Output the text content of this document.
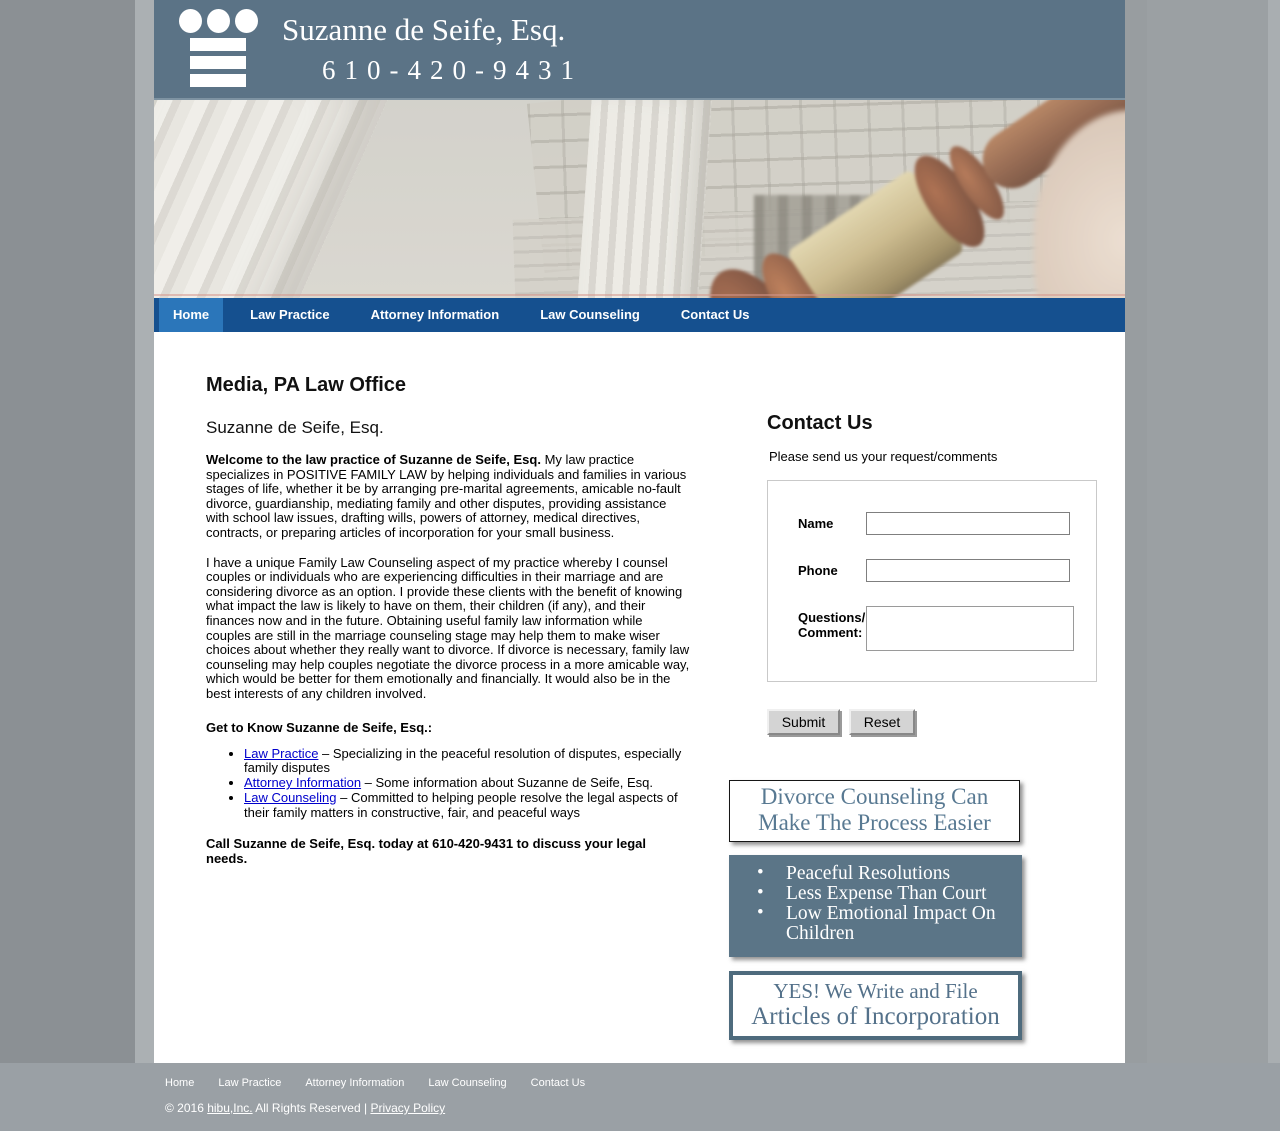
Suzanne de Seife, Esq.
610-420-9431
Home	Law Practice	Attorney Information	Law Counseling	Contact Us
Media, PA Law Office
Suzanne de Seife, Esq.

Welcome to the law practice of Suzanne de Seife, Esq. My law practice specializes in POSITIVE FAMILY LAW by helping individuals and families in various stages of life, whether it be by arranging pre-marital agreements, amicable no-fault divorce, guardianship, mediating family and other disputes, providing assistance with school law issues, drafting wills, powers of attorney, medical directives, contracts, or preparing articles of incorporation for your small business.

I have a unique Family Law Counseling aspect of my practice whereby I counsel couples or individuals who are experiencing difficulties in their marriage and are considering divorce as an option. I provide these clients with the benefit of knowing what impact the law is likely to have on them, their children (if any), and their finances now and in the future. Obtaining useful family law information while couples are still in the marriage counseling stage may help them to make wiser choices about whether they really want to divorce. If divorce is necessary, family law counseling may help couples negotiate the divorce process in a more amicable way, which would be better for them emotionally and financially. It would also be in the best interests of any children involved.

Get to Know Suzanne de Seife, Esq.:

• Law Practice – Specializing in the peaceful resolution of disputes, especially family disputes
• Attorney Information – Some information about Suzanne de Seife, Esq.
• Law Counseling – Committed to helping people resolve the legal aspects of their family matters in constructive, fair, and peaceful ways

Call Suzanne de Seife, Esq. today at 610-420-9431 to discuss your legal needs.

Contact Us
Please send us your request/comments
Name
Phone
Questions/
Comment:
Submit	Reset
Divorce Counseling Can
Make The Process Easier
• Peaceful Resolutions
• Less Expense Than Court
• Low Emotional Impact On Children
YES! We Write and File
Articles of Incorporation
Home Law Practice Attorney Information Law Counseling Contact Us
© 2016 hibu,Inc. All Rights Reserved | Privacy Policy
